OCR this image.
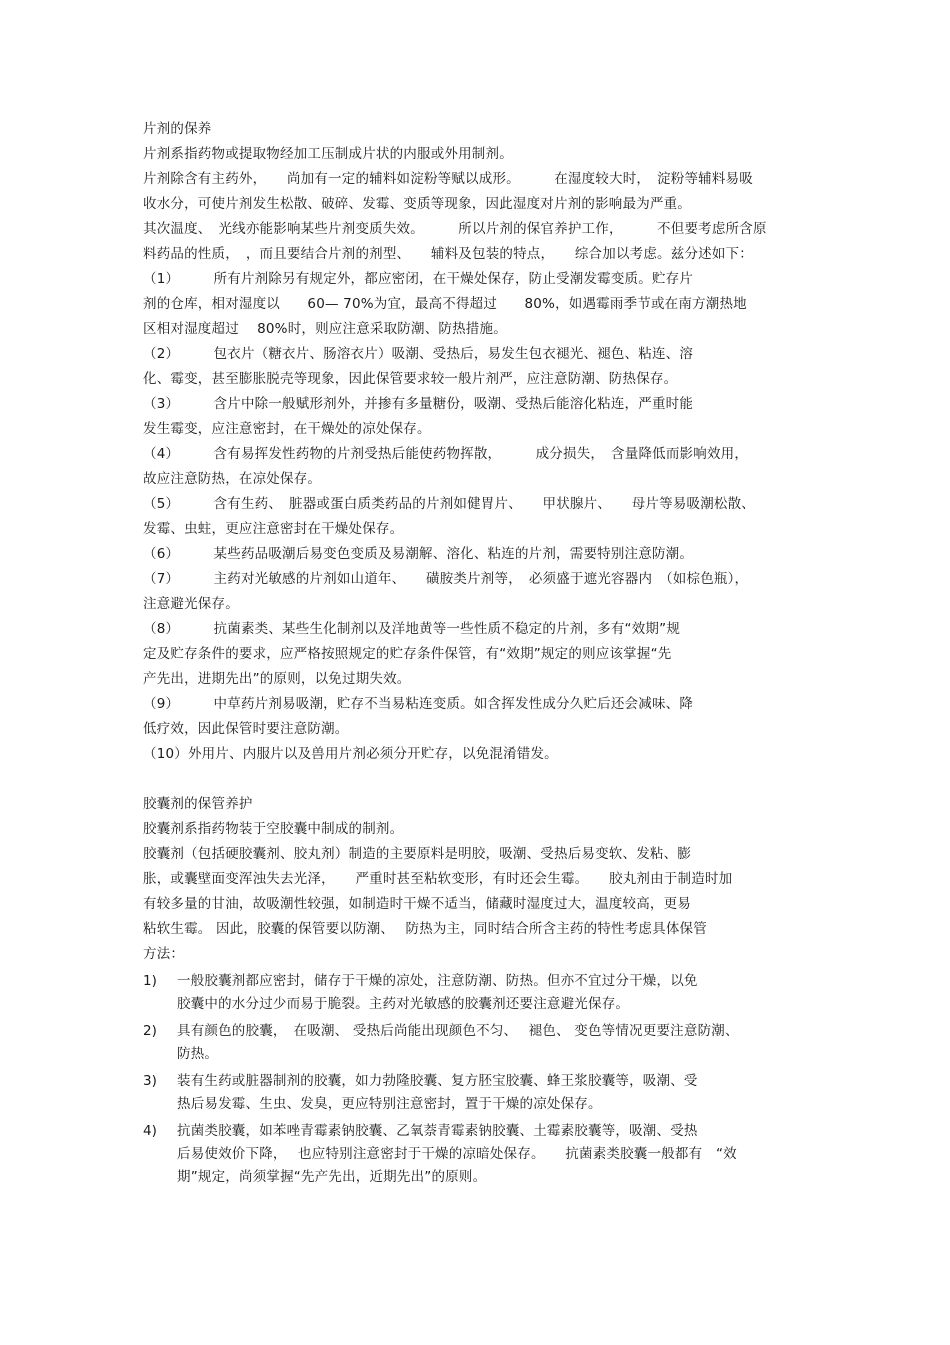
片剂的保养
片剂系指药物或提取物经加工压制成片状的内服或外用制剂。
片剂除含有主药外，　　尚加有一定的辅料如淀粉等赋以成形。　　　在湿度较大时，　淀粉等辅料易吸
收水分，可使片剂发生松散、破碎、发霉、变质等现象，因此湿度对片剂的影响最为严重。
其次温度、　光线亦能影响某些片剂变质失效。　　　所以片剂的保官养护工作，　　　不但要考虑所含原
料药品的性质，　，而且要结合片剂的剂型、　　辅料及包装的特点，　　综合加以考虑。兹分述如下：
（1）　　　所有片剂除另有规定外，都应密闭，在干燥处保存，防止受潮发霉变质。贮存片
剂的仓库，相对湿度以　　60— 70%为宜，最高不得超过　　80%，如遇霉雨季节或在南方潮热地
区相对湿度超过　 80%时，则应注意采取防潮、防热措施。
（2）　　　包衣片（糖衣片、肠溶衣片）吸潮、受热后，易发生包衣褪光、褪色、粘连、溶
化、霉变，甚至膨胀脱壳等现象，因此保管要求较一般片剂严，应注意防潮、防热保存。
（3）　　　含片中除一般赋形剂外，并掺有多量糖份，吸潮、受热后能溶化粘连，严重时能
发生霉变，应注意密封，在干燥处的凉处保存。
（4）　　　含有易挥发性药物的片剂受热后能使药物挥散，　　　成分损失，　含量降低而影响效用，
故应注意防热，在凉处保存。
（5）　　　含有生药、　脏器或蛋白质类药品的片剂如健胃片、　　甲状腺片、　　母片等易吸潮松散、
发霉、虫蛀，更应注意密封在干燥处保存。
（6）　　　某些药品吸潮后易变色变质及易潮解、溶化、粘连的片剂，需要特别注意防潮。
（7）　　　主药对光敏感的片剂如山道年、　　磺胺类片剂等，　必须盛于遮光容器内　（如棕色瓶），
注意避光保存。
（8）　　　抗菌素类、某些生化制剂以及洋地黄等一些性质不稳定的片剂，多有“效期”规
定及贮存条件的要求，应严格按照规定的贮存条件保管，有“效期”规定的则应该掌握“先
产先出，进期先出”的原则，以免过期失效。
（9）　　　中草药片剂易吸潮，贮存不当易粘连变质。如含挥发性成分久贮后还会减味、降
低疗效，因此保管时要注意防潮。
（10）外用片、内服片以及兽用片剂必须分开贮存，以免混淆错发。
胶囊剂的保管养护
胶囊剂系指药物装于空胶囊中制成的制剂。
胶囊剂（包括硬胶囊剂、胶丸剂）制造的主要原料是明胶，吸潮、受热后易变软、发粘、膨
胀，或囊壁面变浑浊失去光泽，　　严重时甚至粘软变形，有时还会生霉。　　胶丸剂由于制造时加
有较多量的甘油，故吸潮性较强，如制造时干燥不适当，储藏时湿度过大，温度较高，更易
粘软生霉。 因此，胶囊的保管要以防潮、　 防热为主，同时结合所含主药的特性考虑具体保管
方法：
1) 一般胶囊剂都应密封，储存于干燥的凉处，注意防潮、防热。但亦不宜过分干燥，以免
胶囊中的水分过少而易于脆裂。主药对光敏感的胶囊剂还要注意避光保存。
2) 具有颜色的胶囊，　在吸潮、 受热后尚能出现颜色不匀、　 褪色、 变色等情况更要注意防潮、
防热。
3) 装有生药或脏器制剂的胶囊，如力勃隆胶囊、复方胚宝胶囊、蜂王浆胶囊等，吸潮、受
热后易发霉、生虫、发臭，更应特别注意密封，置于干燥的凉处保存。
4) 抗菌类胶囊，如苯唑青霉素钠胶囊、乙氧萘青霉素钠胶囊、土霉素胶囊等，吸潮、受热
后易使效价下降，　 也应特别注意密封于干燥的凉暗处保存。　　抗菌素类胶囊一般都有　“效
期”规定，尚须掌握“先产先出，近期先出”的原则。
